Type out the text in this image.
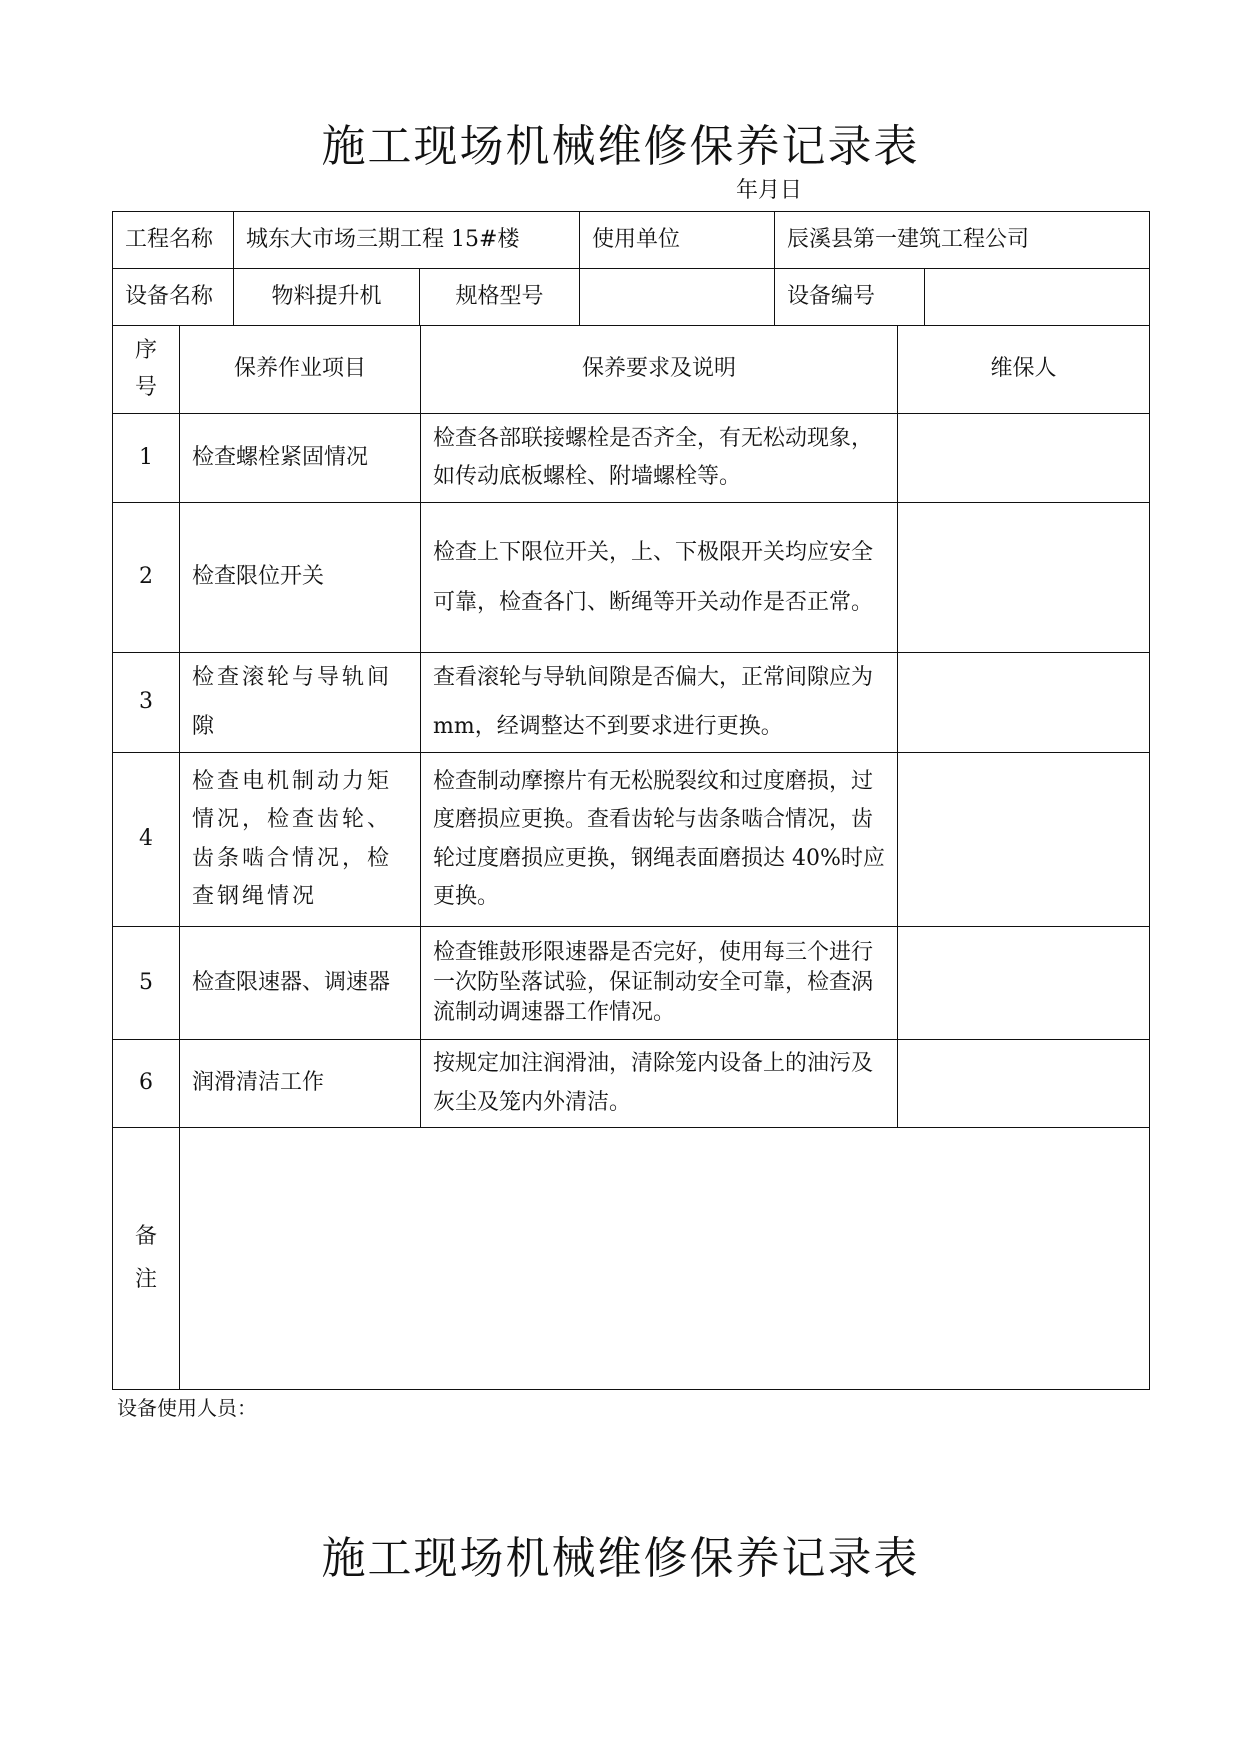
施工现场机械维修保养记录表
年月日
工程名称	城东大市场三期工程 15#楼		使用单位	辰溪县第一建筑工程公司	
设备名称	物料提升机	规格型号		设备编号	
序
号	保养作业项目	保养要求及说明	维保人
1	检查螺栓紧固情况	检查各部联接螺栓是否齐全，有无松动现象，如传动底板螺栓、附墙螺栓等。	
2	检查限位开关	检查上下限位开关，上、下极限开关均应安全可靠，检查各门、断绳等开关动作是否正常。	
3	检查滚轮与导轨间隙	查看滚轮与导轨间隙是否偏大，正常间隙应为mm，经调整达不到要求进行更换。	
4	检查电机制动力矩情况，检查齿轮、齿条啮合情况，检查钢绳情况	检查制动摩擦片有无松脱裂纹和过度磨损，过度磨损应更换。查看齿轮与齿条啮合情况，齿轮过度磨损应更换，钢绳表面磨损达 40%时应更换。	
5	检查限速器、调速器	检查锥鼓形限速器是否完好，使用每三个进行一次防坠落试验，保证制动安全可靠，检查涡流制动调速器工作情况。	
6	润滑清洁工作	按规定加注润滑油，清除笼内设备上的油污及灰尘及笼内外清洁。	

备
注			

设备使用人员：
施工现场机械维修保养记录表
